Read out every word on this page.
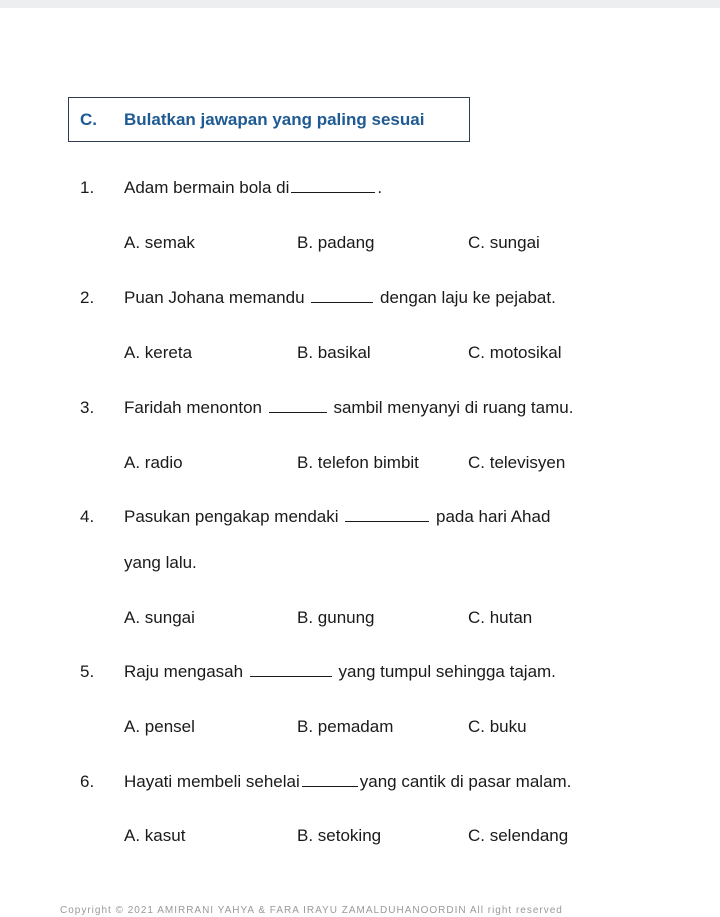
C. Bulatkan jawapan yang paling sesuai
1. Adam bermain bola di	.
A. semak	B. padang	C. sungai
2. Puan Johana memandu	dengan laju ke pejabat.
A. kereta	B. basikal	C. motosikal
3. Faridah menonton	sambil menyanyi di ruang tamu.
A. radio	B. telefon bimbit	C. televisyen
4. Pasukan pengakap mendaki	pada hari Ahad
yang lalu.
A. sungai	B. gunung	C. hutan
5. Raju mengasah	yang tumpul sehingga tajam.
A. pensel	B. pemadam	C. buku
6. Hayati membeli sehelai	yang cantik di pasar malam.
A. kasut	B. setoking	C. selendang
Copyright © 2021 AMIRRANI YAHYA & FARA IRAYU ZAMALDUHANOORDIN All right reserved
